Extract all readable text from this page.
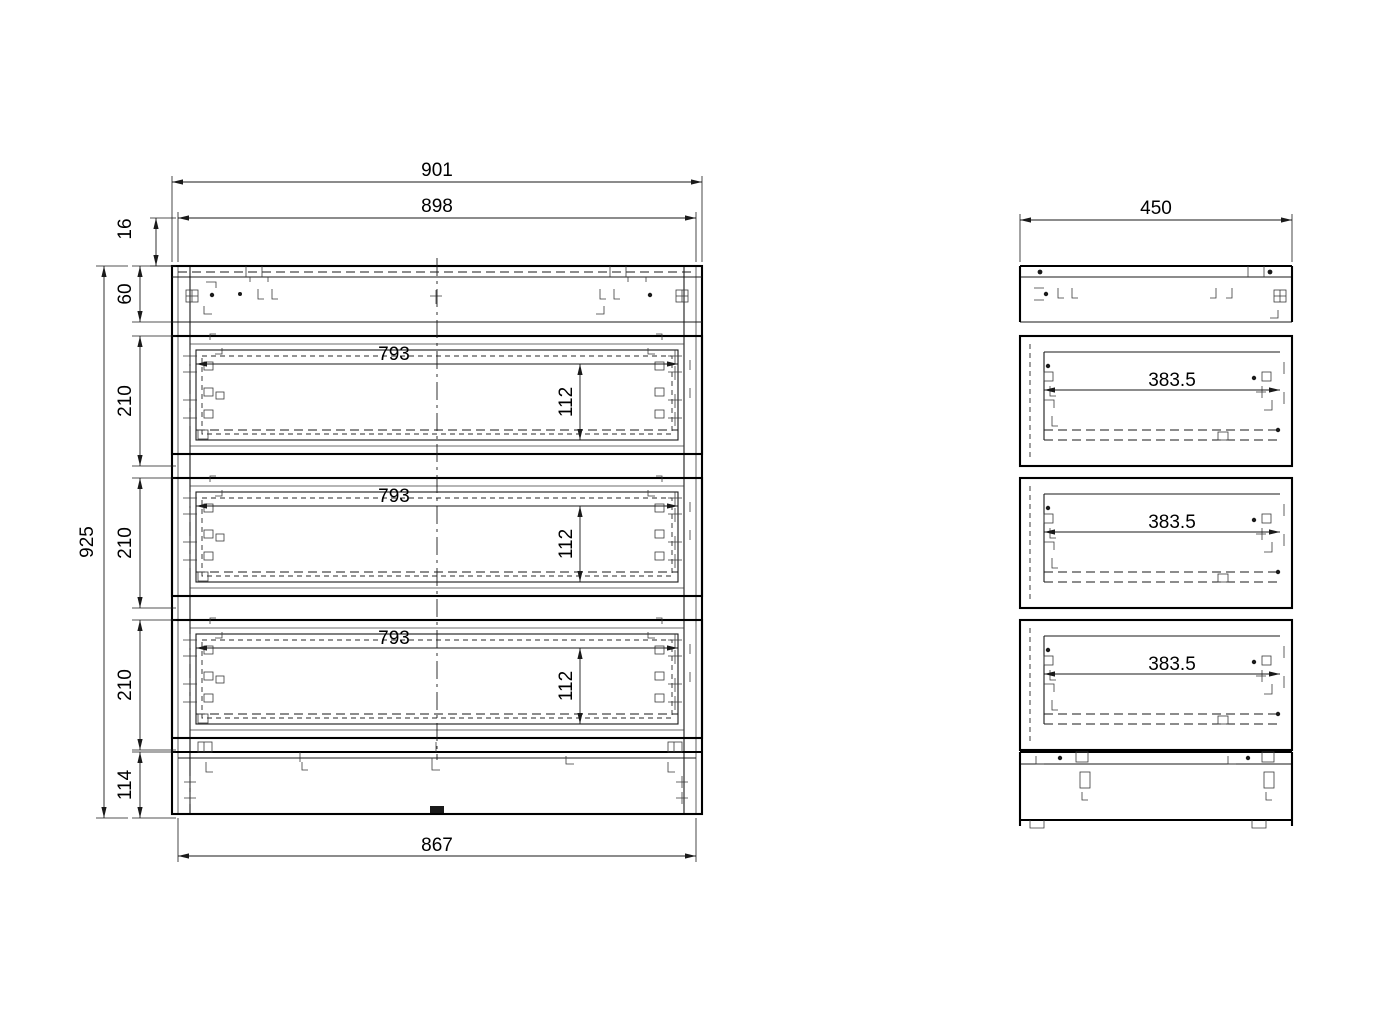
901
898
867
16
60
210
210
210
114
925
793
112
793
112
793
112
450
383.5
383.5
383.5
